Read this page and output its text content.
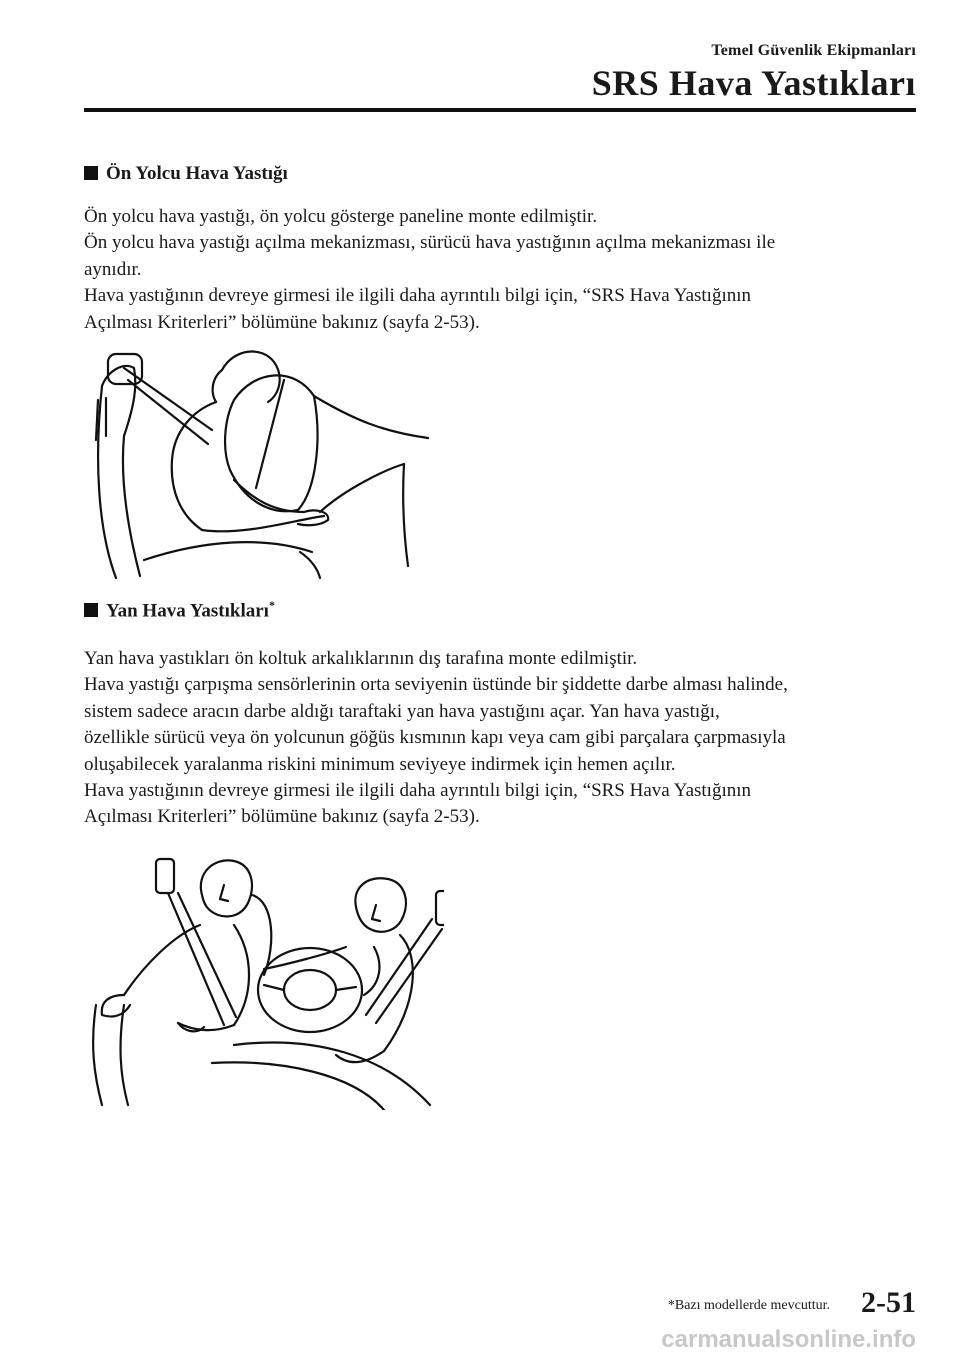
Temel Güvenlik Ekipmanları
SRS Hava Yastıkları
Ön Yolcu Hava Yastığı

Ön yolcu hava yastığı, ön yolcu gösterge paneline monte edilmiştir.

Ön yolcu hava yastığı açılma mekanizması, sürücü hava yastığının açılma mekanizması ile

aynıdır.

Hava yastığının devreye girmesi ile ilgili daha ayrıntılı bilgi için, “SRS Hava Yastığının

Açılması Kriterleri” bölümüne bakınız (sayfa 2-53).

Yan Hava Yastıkları*

Yan hava yastıkları ön koltuk arkalıklarının dış tarafına monte edilmiştir.

Hava yastığı çarpışma sensörlerinin orta seviyenin üstünde bir şiddette darbe alması halinde,

sistem sadece aracın darbe aldığı taraftaki yan hava yastığını açar. Yan hava yastığı,

özellikle sürücü veya ön yolcunun göğüs kısmının kapı veya cam gibi parçalara çarpmasıyla

oluşabilecek yaralanma riskini minimum seviyeye indirmek için hemen açılır.

Hava yastığının devreye girmesi ile ilgili daha ayrıntılı bilgi için, “SRS Hava Yastığının

Açılması Kriterleri” bölümüne bakınız (sayfa 2-53).

*Bazı modellerde mevcuttur. 2-51
carmanualsonline.info
